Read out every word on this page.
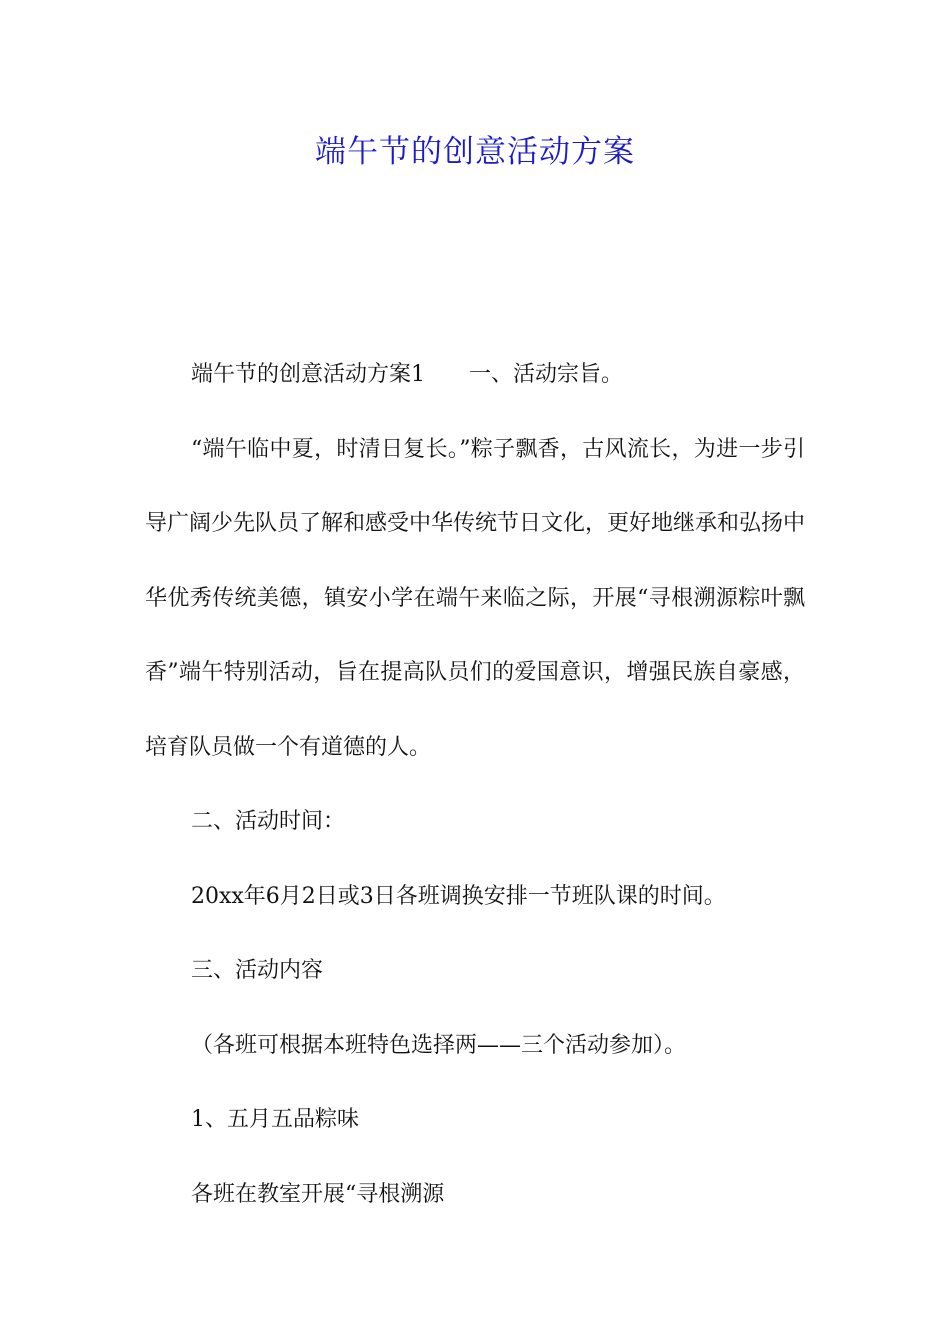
端午节的创意活动方案

端午节的创意活动方案1 一、活动宗旨。

“端午临中夏，时清日复长。”粽子飘香，古风流长，为进一步引导广阔少先队员了解和感受中华传统节日文化，更好地继承和弘扬中华优秀传统美德，镇安小学在端午来临之际，开展“寻根溯源粽叶飘香”端午特别活动，旨在提高队员们的爱国意识，增强民族自豪感，培育队员做一个有道德的人。

二、活动时间：

20xx年6月2日或3日各班调换安排一节班队课的时间。

三、活动内容

（各班可根据本班特色选择两——三个活动参加）。

1、五月五品粽味

各班在教室开展“寻根溯源
